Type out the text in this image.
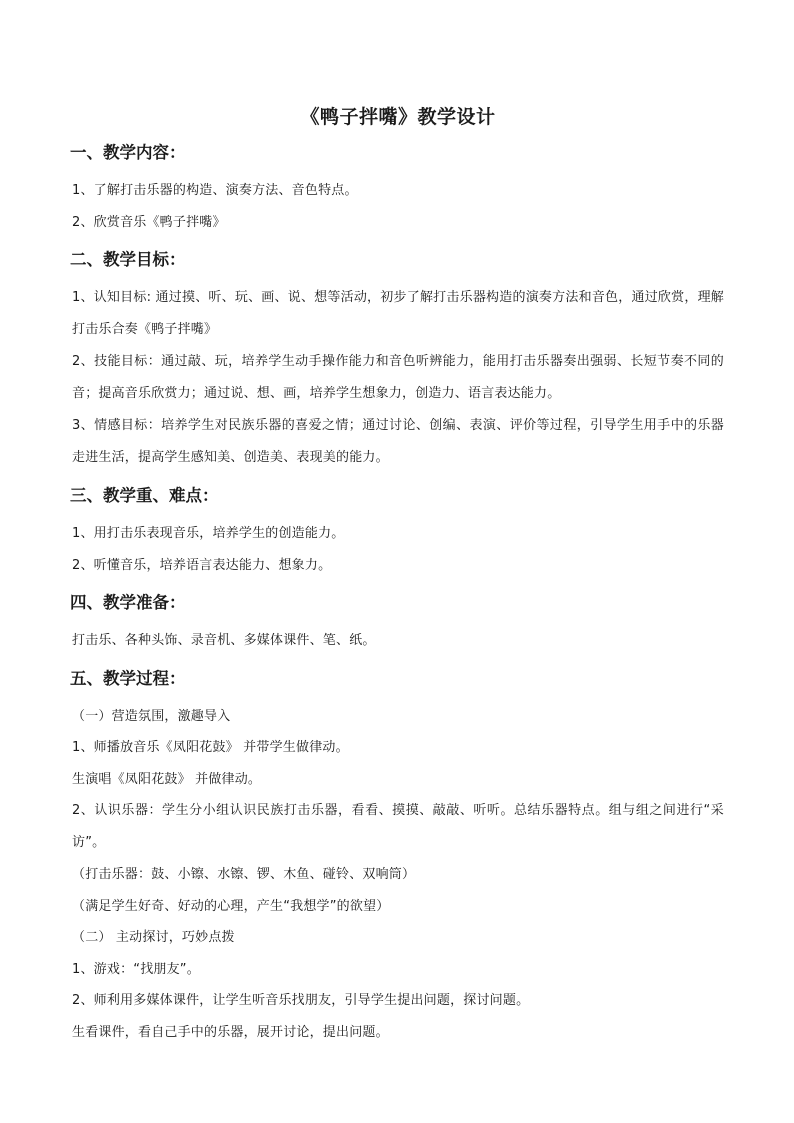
《鸭子拌嘴》教学设计
一、教学内容：

1、了解打击乐器的构造、演奏方法、音色特点。

2、欣赏音乐《鸭子拌嘴》

二、教学目标：

1、认知目标: 通过摸、听、玩、画、说、想等活动，初步了解打击乐器构造的演奏方法和音色，通过欣赏，理解打击乐合奏《鸭子拌嘴》

2、技能目标：通过敲、玩，培养学生动手操作能力和音色听辨能力，能用打击乐器奏出强弱、长短节奏不同的音；提高音乐欣赏力；通过说、想、画，培养学生想象力，创造力、语言表达能力。

3、情感目标：培养学生对民族乐器的喜爱之情；通过讨论、创编、表演、评价等过程，引导学生用手中的乐器走进生活，提高学生感知美、创造美、表现美的能力。

三、教学重、难点：

1、用打击乐表现音乐，培养学生的创造能力。

2、听懂音乐，培养语言表达能力、想象力。

四、教学准备：

打击乐、各种头饰、录音机、多媒体课件、笔、纸。

五、教学过程：

（一）营造氛围，激趣导入

1、师播放音乐《凤阳花鼓》 并带学生做律动。

生演唱《凤阳花鼓》 并做律动。

2、认识乐器：学生分小组认识民族打击乐器，看看、摸摸、敲敲、听听。总结乐器特点。组与组之间进行“采访”。

（打击乐器：鼓、小镲、水镲、锣、木鱼、碰铃、双响筒）

（满足学生好奇、好动的心理，产生“我想学”的欲望）

（二） 主动探讨，巧妙点拨

1、游戏：“找朋友”。

2、师利用多媒体课件，让学生听音乐找朋友，引导学生提出问题，探讨问题。

生看课件，看自己手中的乐器，展开讨论，提出问题。
